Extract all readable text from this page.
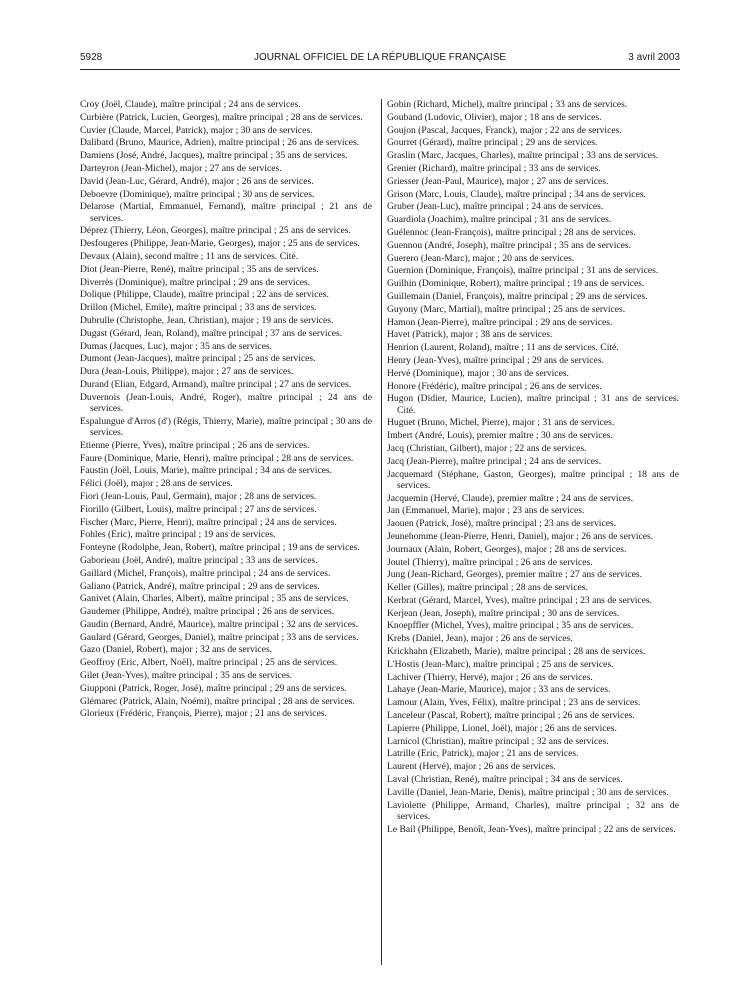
5928	JOURNAL OFFICIEL DE LA RÉPUBLIQUE FRANÇAISE	3 avril 2003
Croy (Joël, Claude), maître principal ; 24 ans de services.
Curbière (Patrick, Lucien, Georges), maître principal ; 28 ans de services.
Cuvier (Claude, Marcel, Patrick), major ; 30 ans de services.
Dalibard (Bruno, Maurice, Adrien), maître principal ; 26 ans de services.
Damiens (José, André, Jacques), maître principal ; 35 ans de services.
Darteyron (Jean-Michel), major ; 27 ans de services.
David (Jean-Luc, Gérard, André), major ; 26 ans de services.
Deboevre (Dominique), maître principal ; 30 ans de services.
Delarose (Martial, Emmanuel, Fernand), maître principal ; 21 ans de services.
Déprez (Thierry, Léon, Georges), maître principal ; 25 ans de services.
Desfougeres (Philippe, Jean-Marie, Georges), major ; 25 ans de services.
Devaux (Alain), second maître ; 11 ans de services. Cité.
Diot (Jean-Pierre, René), maître principal ; 35 ans de services.
Diverrès (Dominique), maître principal ; 29 ans de services.
Dolique (Philippe, Claude), maître principal ; 22 ans de services.
Drillon (Michel, Emile), maître principal ; 33 ans de services.
Dubrulle (Christophe, Jean, Christian), major ; 19 ans de services.
Dugast (Gérard, Jean, Roland), maître principal ; 37 ans de services.
Dumas (Jacques, Luc), major ; 35 ans de services.
Dumont (Jean-Jacques), maître principal ; 25 ans de services.
Dura (Jean-Louis, Philippe), major ; 27 ans de services.
Durand (Elian, Edgard, Armand), maître principal ; 27 ans de services.
Duvernois (Jean-Louis, André, Roger), maître principal ; 24 ans de services.
Espalungue d'Arros (d') (Régis, Thierry, Marie), maître principal ; 30 ans de services.
Etienne (Pierre, Yves), maître principal ; 26 ans de services.
Faure (Dominique, Marie, Henri), maître principal ; 28 ans de services.
Faustin (Joël, Louis, Marie), maître principal ; 34 ans de services.
Félici (Joël), major ; 28 ans de services.
Fiori (Jean-Louis, Paul, Germain), major ; 28 ans de services.
Fiorillo (Gilbert, Louis), maître principal ; 27 ans de services.
Fischer (Marc, Pierre, Henri), maître principal ; 24 ans de services.
Fohles (Eric), maître principal ; 19 ans de services.
Fonteyne (Rodolphe, Jean, Robert), maître principal ; 19 ans de services.
Gaborieau (Joël, André), maître principal ; 33 ans de services.
Gaillard (Michel, François), maître principal ; 24 ans de services.
Galiano (Patrick, André), maître principal ; 29 ans de services.
Ganivet (Alain, Charles, Albert), maître principal ; 35 ans de services.
Gaudemer (Philippe, André), maître principal ; 26 ans de services.
Gaudin (Bernard, André, Maurice), maître principal ; 32 ans de services.
Gaulard (Gérard, Georges, Daniel), maître principal ; 33 ans de services.
Gazo (Daniel, Robert), major ; 32 ans de services.
Geoffroy (Eric, Albert, Noël), maître principal ; 25 ans de services.
Gilet (Jean-Yves), maître principal ; 35 ans de services.
Giupponi (Patrick, Roger, José), maître principal ; 29 ans de services.
Glémarec (Patrick, Alain, Noémi), maître principal ; 28 ans de services.
Glorieux (Frédéric, François, Pierre), major ; 21 ans de services.
Gobin (Richard, Michel), maître principal ; 33 ans de services.
Gouband (Ludovic, Olivier), major ; 18 ans de services.
Goujon (Pascal, Jacques, Franck), major ; 22 ans de services.
Gourret (Gérard), maître principal ; 29 ans de services.
Graslin (Marc, Jacques, Charles), maître principal ; 33 ans de services.
Grenier (Richard), maître principal ; 33 ans de services.
Griesser (Jean-Paul, Maurice), major ; 27 ans de services.
Grison (Marc, Louis, Claude), maître principal ; 34 ans de services.
Gruber (Jean-Luc), maître principal ; 24 ans de services.
Guardiola (Joachim), maître principal ; 31 ans de services.
Guélennoc (Jean-François), maître principal ; 28 ans de services.
Guennou (André, Joseph), maître principal ; 35 ans de services.
Guerero (Jean-Marc), major ; 20 ans de services.
Guernion (Dominique, François), maître principal ; 31 ans de services.
Guilhin (Dominique, Robert), maître principal ; 19 ans de services.
Guillemain (Daniel, François), maître principal ; 29 ans de services.
Guyony (Marc, Martial), maître principal ; 25 ans de services.
Hamon (Jean-Pierre), maître principal ; 29 ans de services.
Havet (Patrick), major ; 38 ans de services.
Henrion (Laurent, Roland), maître ; 11 ans de services. Cité.
Henry (Jean-Yves), maître principal ; 29 ans de services.
Hervé (Dominique), major ; 30 ans de services.
Honore (Frédéric), maître principal ; 26 ans de services.
Hugon (Didier, Maurice, Lucien), maître principal ; 31 ans de services. Cité.
Huguet (Bruno, Michel, Pierre), major ; 31 ans de services.
Imbert (André, Louis), premier maître ; 30 ans de services.
Jacq (Christian, Gilbert), major ; 22 ans de services.
Jacq (Jean-Pierre), maître principal ; 24 ans de services.
Jacquemard (Stéphane, Gaston, Georges), maître principal ; 18 ans de services.
Jacquemin (Hervé, Claude), premier maître ; 24 ans de services.
Jan (Emmanuel, Marie), major ; 23 ans de services.
Jaouen (Patrick, José), maître principal ; 23 ans de services.
Jeunehomme (Jean-Pierre, Henri, Daniel), major ; 26 ans de services.
Journaux (Alain, Robert, Georges), major ; 28 ans de services.
Joutel (Thierry), maître principal ; 26 ans de services.
Jung (Jean-Richard, Georges), premier maître ; 27 ans de services.
Keller (Gilles), maître principal ; 28 ans de services.
Kerbrat (Gérard, Marcel, Yves), maître principal ; 23 ans de services.
Kerjean (Jean, Joseph), maître principal ; 30 ans de services.
Knoepffler (Michel, Yves), maître principal ; 35 ans de services.
Krebs (Daniel, Jean), major ; 26 ans de services.
Krickhahn (Elizabeth, Marie), maître principal ; 28 ans de services.
L'Hostis (Jean-Marc), maître principal ; 25 ans de services.
Lachiver (Thierry, Hervé), major ; 26 ans de services.
Lahaye (Jean-Marie, Maurice), major ; 33 ans de services.
Lamour (Alain, Yves, Félix), maître principal ; 23 ans de services.
Lanceleur (Pascal, Robert), maître principal ; 26 ans de services.
Lapierre (Philippe, Lionel, Joël), major ; 26 ans de services.
Larnicol (Christian), maître principal ; 32 ans de services.
Latrille (Eric, Patrick), major ; 21 ans de services.
Laurent (Hervé), major ; 26 ans de services.
Laval (Christian, René), maître principal ; 34 ans de services.
Laville (Daniel, Jean-Marie, Denis), maître principal ; 30 ans de services.
Laviolette (Philippe, Armand, Charles), maître principal ; 32 ans de services.
Le Bail (Philippe, Benoît, Jean-Yves), maître principal ; 22 ans de services.
